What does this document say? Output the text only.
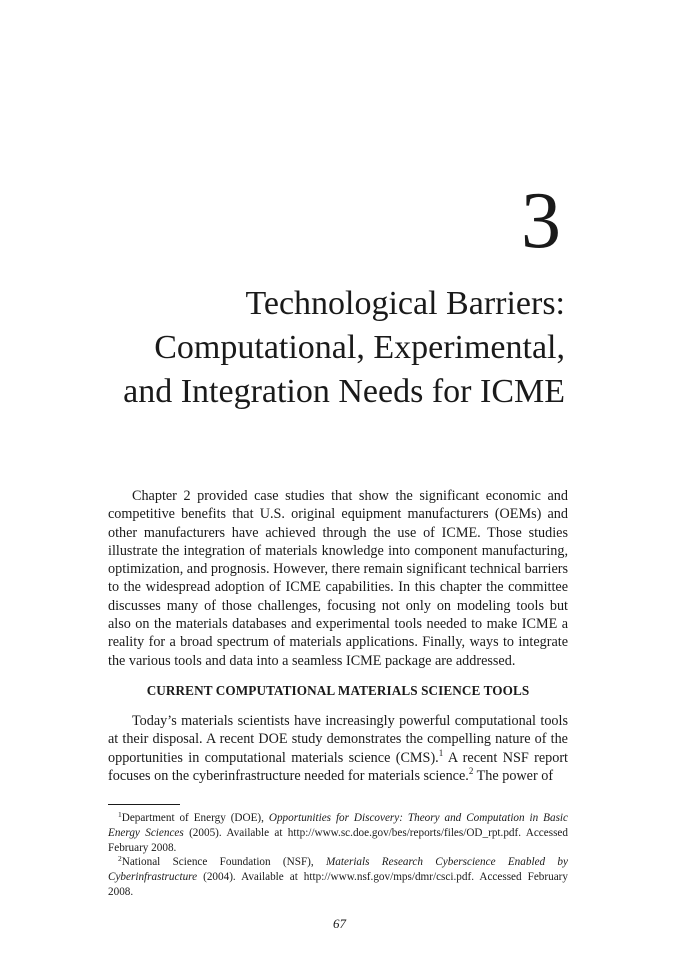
3
Technological Barriers:
Computational, Experimental,
and Integration Needs for ICME

Chapter 2 provided case studies that show the significant economic and competitive benefits that U.S. original equipment manufacturers (OEMs) and other manufacturers have achieved through the use of ICME. Those studies illustrate the integration of materials knowledge into component manufacturing, optimization, and prognosis. However, there remain significant technical barriers to the widespread adoption of ICME capabilities. In this chapter the committee discusses many of those challenges, focusing not only on modeling tools but also on the materials databases and experimental tools needed to make ICME a reality for a broad spectrum of materials applications. Finally, ways to integrate the various tools and data into a seamless ICME package are addressed.

CURRENT COMPUTATIONAL MATERIALS SCIENCE TOOLS

Today’s materials scientists have increasingly powerful computational tools at their disposal. A recent DOE study demonstrates the compelling nature of the opportunities in computational materials science (CMS).$^1$ A recent NSF report focuses on the cyberinfrastructure needed for materials science.$^2$ The power of

$^1$Department of Energy (DOE), Opportunities for Discovery: Theory and Computation in Basic Energy Sciences (2005). Available at http://www.sc.doe.gov/bes/reports/files/OD_rpt.pdf. Accessed February 2008.

$^2$National Science Foundation (NSF), Materials Research Cyberscience Enabled by Cyberinfrastructure (2004). Available at http://www.nsf.gov/mps/dmr/csci.pdf. Accessed February 2008.

67
